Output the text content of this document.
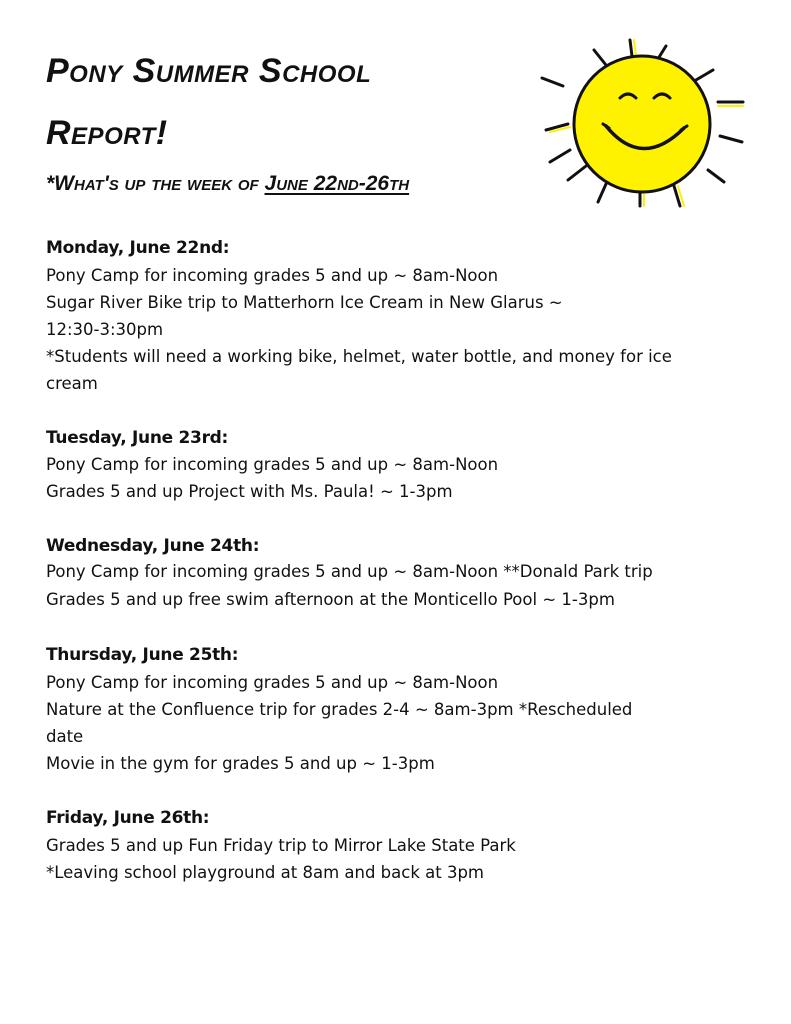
Pony Summer School
Report!

*What's up the week of June 22nd-26th

Monday, June 22nd:

Pony Camp for incoming grades 5 and up ~ 8am-Noon

Sugar River Bike trip to Matterhorn Ice Cream in New Glarus ~

12:30-3:30pm

*Students will need a working bike, helmet, water bottle, and money for ice

cream

Tuesday, June 23rd:

Pony Camp for incoming grades 5 and up ~ 8am-Noon

Grades 5 and up Project with Ms. Paula! ~ 1-3pm

Wednesday, June 24th:

Pony Camp for incoming grades 5 and up ~ 8am-Noon **Donald Park trip

Grades 5 and up free swim afternoon at the Monticello Pool ~ 1-3pm

Thursday, June 25th:

Pony Camp for incoming grades 5 and up ~ 8am-Noon

Nature at the Confluence trip for grades 2-4 ~ 8am-3pm *Rescheduled

date

Movie in the gym for grades 5 and up ~ 1-3pm

Friday, June 26th:

Grades 5 and up Fun Friday trip to Mirror Lake State Park

*Leaving school playground at 8am and back at 3pm
